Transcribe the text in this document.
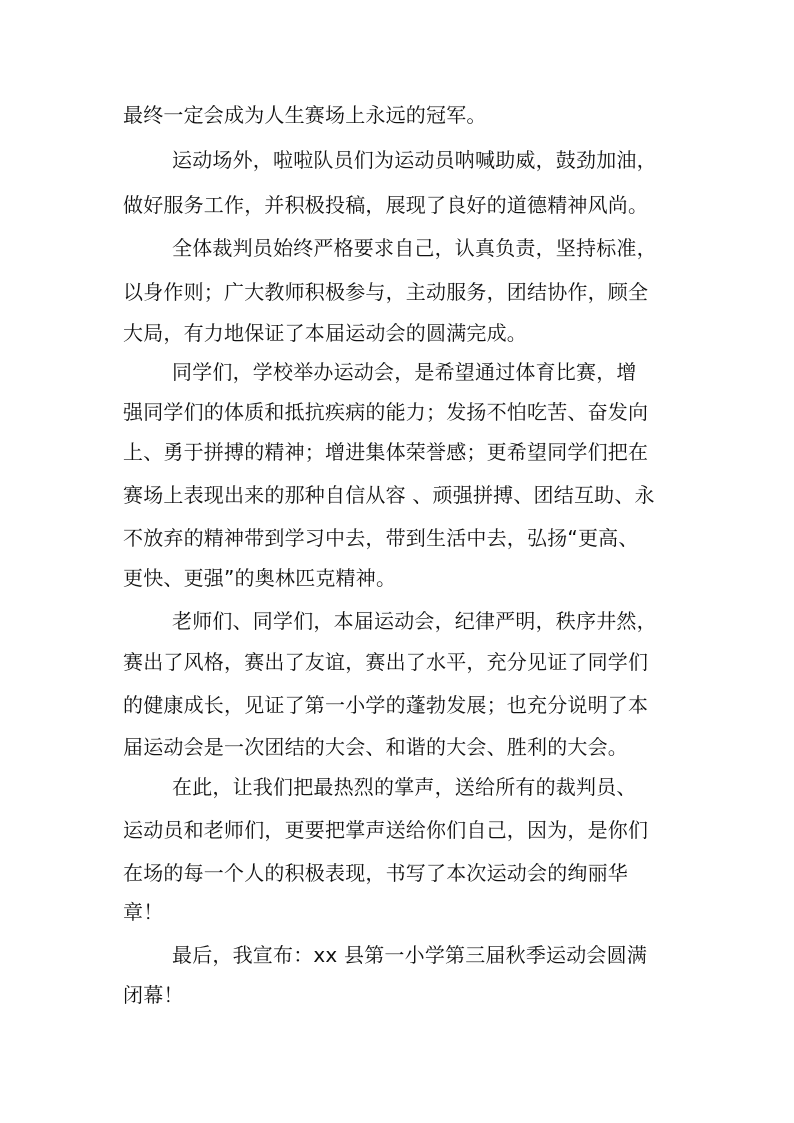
最终一定会成为人生赛场上永远的冠军。
运动场外，啦啦队员们为运动员呐喊助威，鼓劲加油，
做好服务工作，并积极投稿，展现了良好的道德精神风尚。
全体裁判员始终严格要求自己，认真负责，坚持标准，
以身作则；广大教师积极参与，主动服务，团结协作，顾全
大局，有力地保证了本届运动会的圆满完成。
同学们，学校举办运动会，是希望通过体育比赛，增
强同学们的体质和抵抗疾病的能力；发扬不怕吃苦、奋发向
上、勇于拼搏的精神；增进集体荣誉感；更希望同学们把在
赛场上表现出来的那种自信从容 、顽强拼搏、团结互助、永
不放弃的精神带到学习中去，带到生活中去，弘扬“更高、
更快、更强”的奥林匹克精神。
老师们、同学们，本届运动会，纪律严明，秩序井然，
赛出了风格，赛出了友谊，赛出了水平，充分见证了同学们
的健康成长，见证了第一小学的蓬勃发展；也充分说明了本
届运动会是一次团结的大会、和谐的大会、胜利的大会。
在此，让我们把最热烈的掌声，送给所有的裁判员、
运动员和老师们，更要把掌声送给你们自己，因为，是你们
在场的每一个人的积极表现，书写了本次运动会的绚丽华
章！
最后，我宣布：xx 县第一小学第三届秋季运动会圆满
闭幕！
